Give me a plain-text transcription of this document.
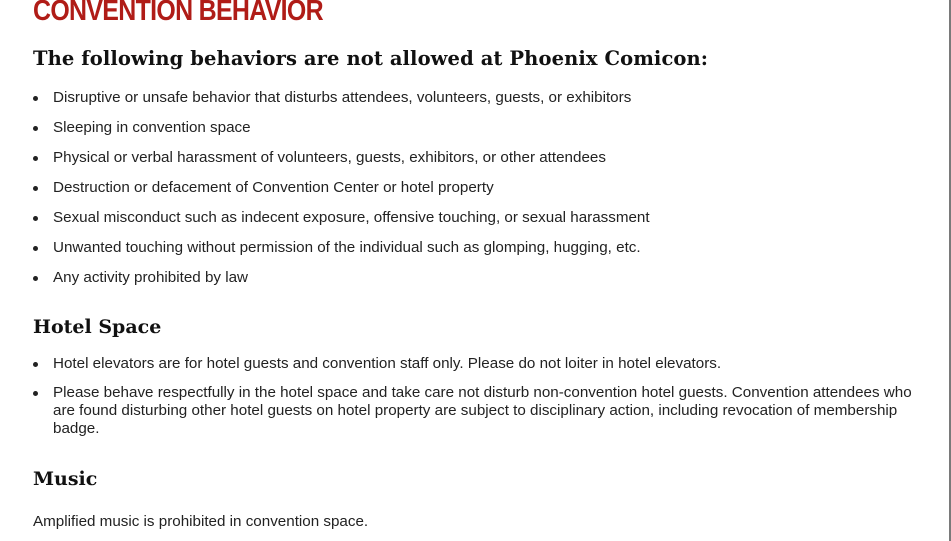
CONVENTION BEHAVIOR
The following behaviors are not allowed at Phoenix Comicon:
Disruptive or unsafe behavior that disturbs attendees, volunteers, guests, or exhibitors
Sleeping in convention space
Physical or verbal harassment of volunteers, guests, exhibitors, or other attendees
Destruction or defacement of Convention Center or hotel property
Sexual misconduct such as indecent exposure, offensive touching, or sexual harassment
Unwanted touching without permission of the individual such as glomping, hugging, etc.
Any activity prohibited by law
Hotel Space
Hotel elevators are for hotel guests and convention staff only. Please do not loiter in hotel elevators.
Please behave respectfully in the hotel space and take care not disturb non-convention hotel guests. Convention attendees who are found disturbing other hotel guests on hotel property are subject to disciplinary action, including revocation of membership badge.
Music

Amplified music is prohibited in convention space.
